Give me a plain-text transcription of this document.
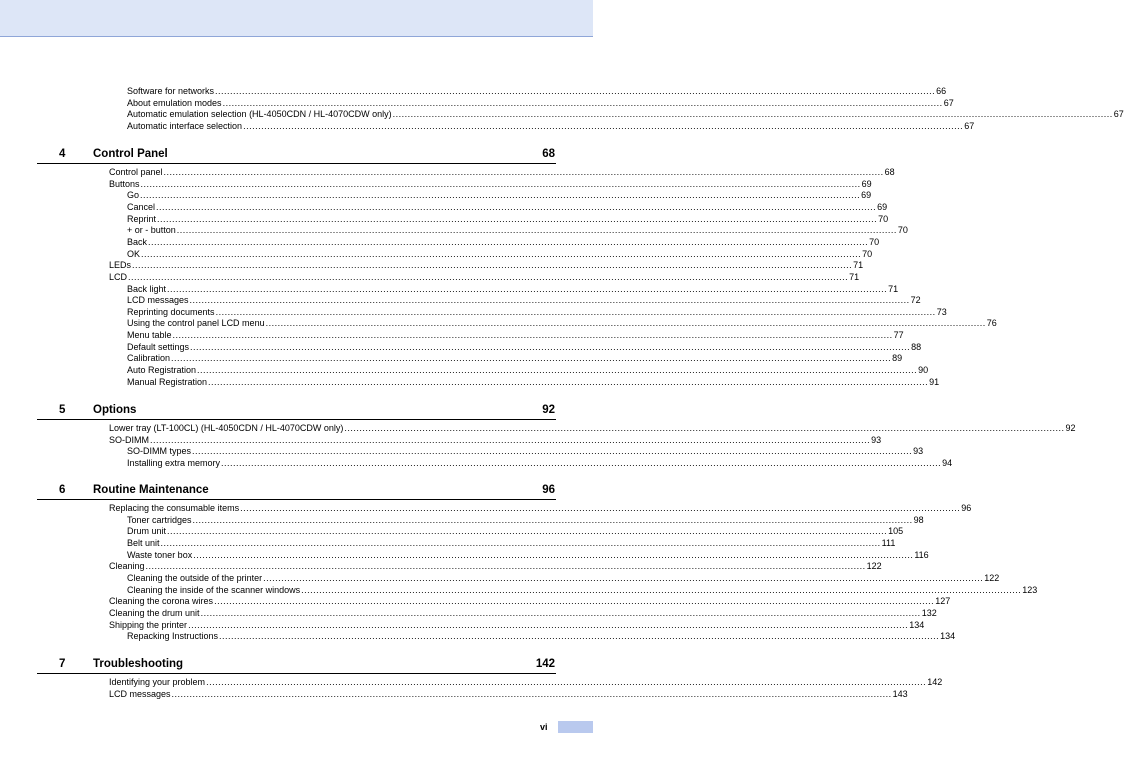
Software for networks ................................................................................................................................................................................................................................................ 66
About emulation modes ................................................................................................................................................................................................................................................ 67
Automatic emulation selection (HL-4050CDN / HL-4070CDW only) ................................................................................................................................................................................................................................................ 67
Automatic interface selection ................................................................................................................................................................................................................................................ 67
4 Control Panel	68
Control panel ................................................................................................................................................................................................................................................ 68
Buttons ................................................................................................................................................................................................................................................ 69
Go ................................................................................................................................................................................................................................................ 69
Cancel ................................................................................................................................................................................................................................................ 69
Reprint ................................................................................................................................................................................................................................................ 70
+ or - button ................................................................................................................................................................................................................................................ 70
Back ................................................................................................................................................................................................................................................ 70
OK ................................................................................................................................................................................................................................................ 70
LEDs ................................................................................................................................................................................................................................................ 71
LCD ................................................................................................................................................................................................................................................ 71
Back light ................................................................................................................................................................................................................................................ 71
LCD messages ................................................................................................................................................................................................................................................ 72
Reprinting documents ................................................................................................................................................................................................................................................ 73
Using the control panel LCD menu ................................................................................................................................................................................................................................................ 76
Menu table ................................................................................................................................................................................................................................................ 77
Default settings ................................................................................................................................................................................................................................................ 88
Calibration ................................................................................................................................................................................................................................................ 89
Auto Registration ................................................................................................................................................................................................................................................ 90
Manual Registration ................................................................................................................................................................................................................................................ 91
5 Options	92
Lower tray (LT-100CL) (HL-4050CDN / HL-4070CDW only) ................................................................................................................................................................................................................................................ 92
SO-DIMM ................................................................................................................................................................................................................................................ 93
SO-DIMM types ................................................................................................................................................................................................................................................ 93
Installing extra memory ................................................................................................................................................................................................................................................ 94
6 Routine Maintenance	96
Replacing the consumable items ................................................................................................................................................................................................................................................ 96
Toner cartridges ................................................................................................................................................................................................................................................ 98
Drum unit ................................................................................................................................................................................................................................................ 105
Belt unit ................................................................................................................................................................................................................................................ 111
Waste toner box ................................................................................................................................................................................................................................................ 116
Cleaning ................................................................................................................................................................................................................................................ 122
Cleaning the outside of the printer ................................................................................................................................................................................................................................................ 122
Cleaning the inside of the scanner windows ................................................................................................................................................................................................................................................ 123
Cleaning the corona wires ................................................................................................................................................................................................................................................ 127
Cleaning the drum unit ................................................................................................................................................................................................................................................ 132
Shipping the printer ................................................................................................................................................................................................................................................ 134
Repacking Instructions ................................................................................................................................................................................................................................................ 134
7 Troubleshooting	142
Identifying your problem ................................................................................................................................................................................................................................................ 142
LCD messages ................................................................................................................................................................................................................................................ 143
vi
